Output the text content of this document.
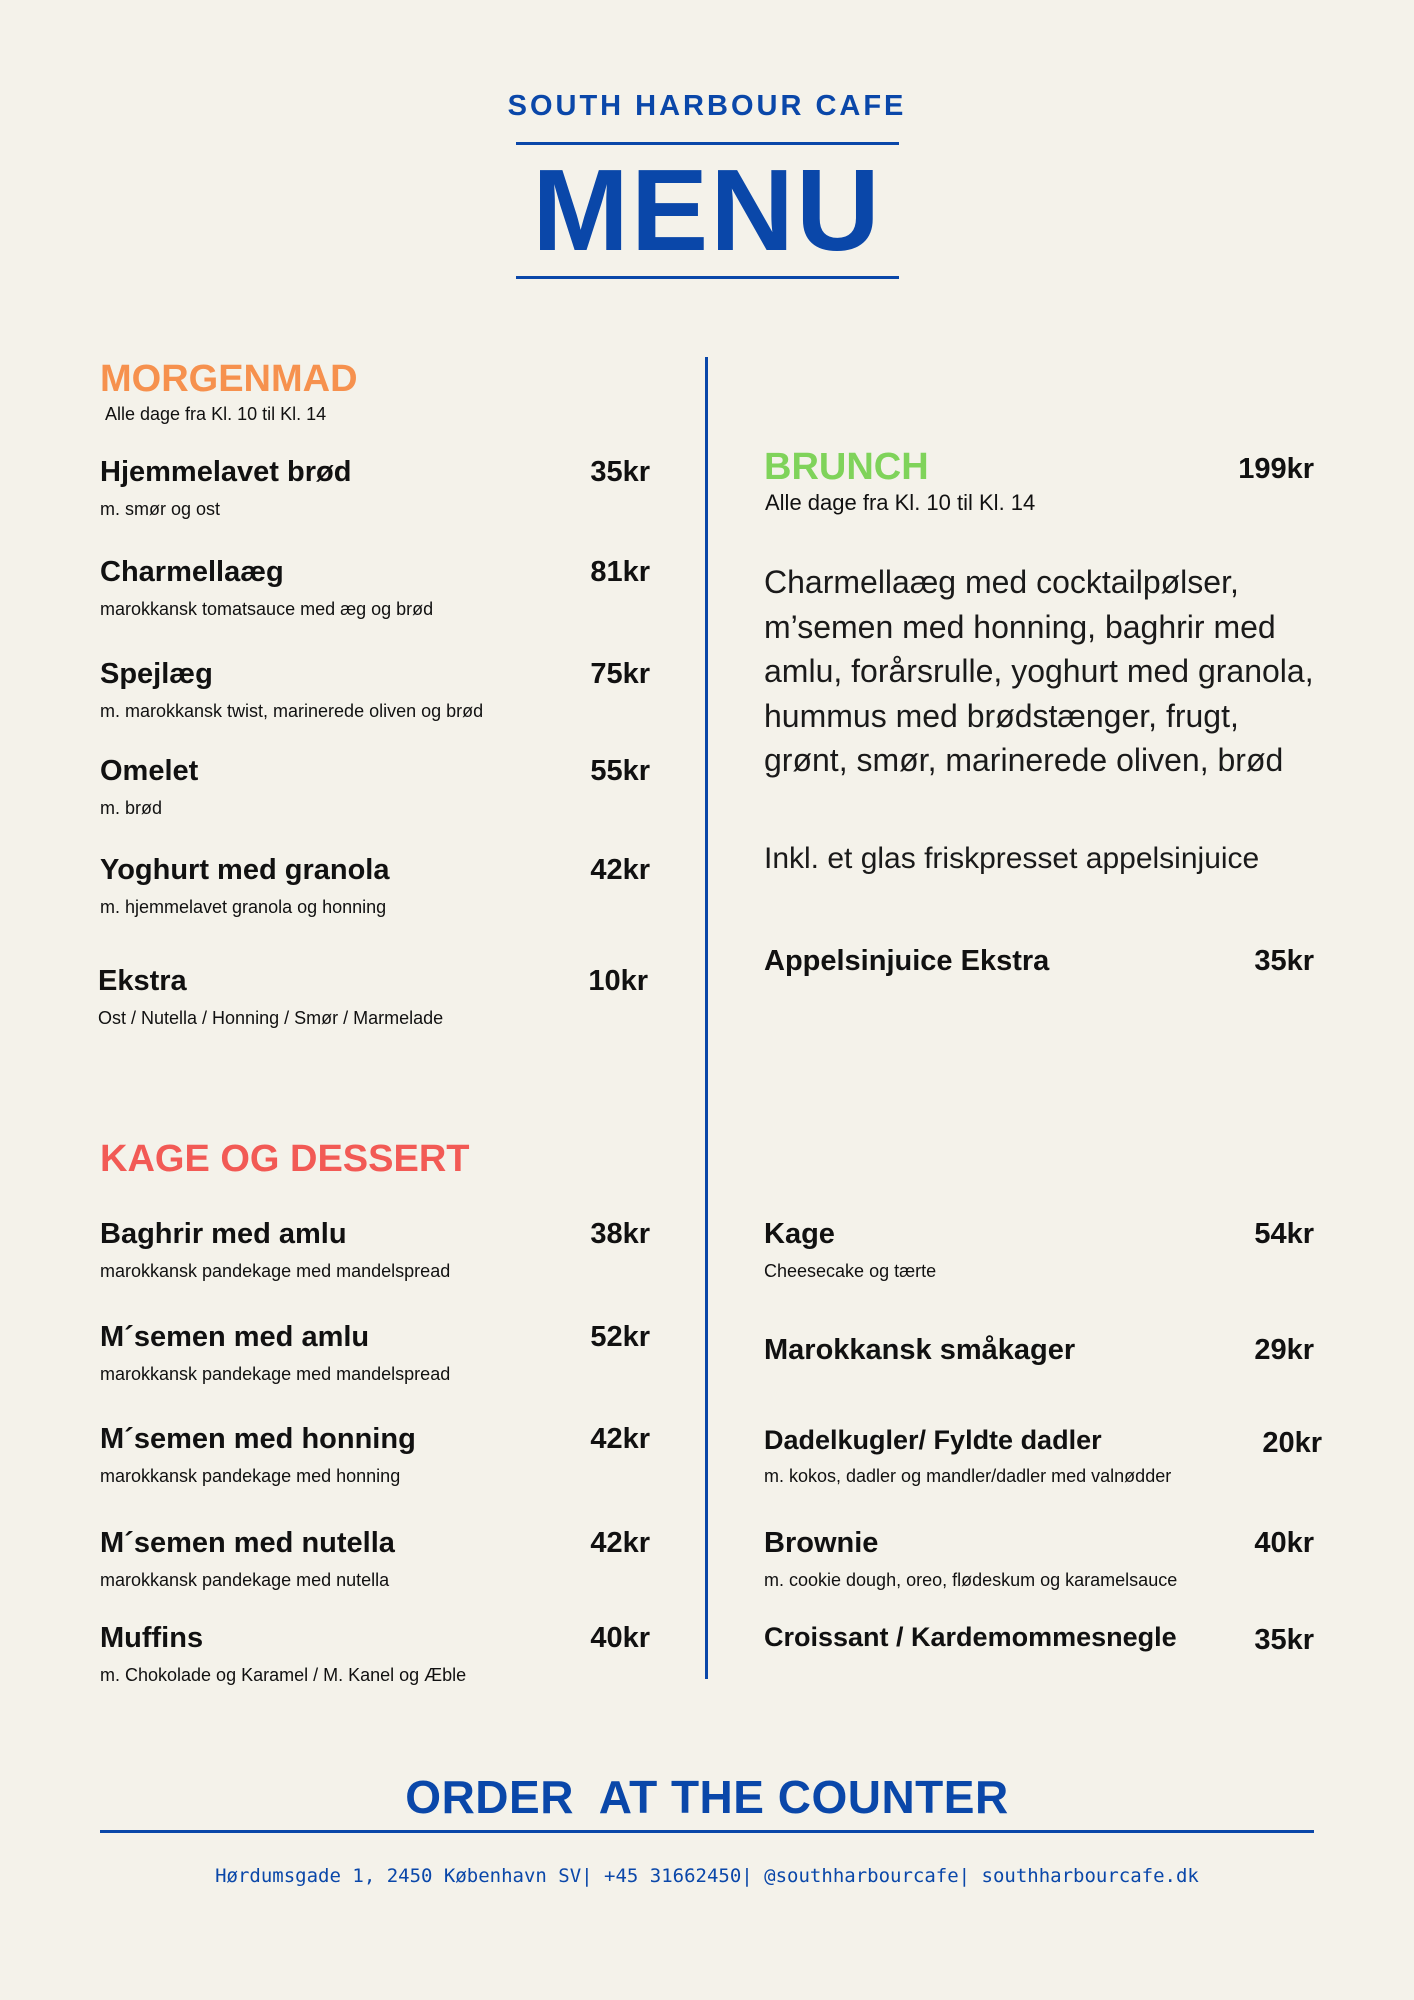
SOUTH HARBOUR CAFE
MENU
MORGENMAD
Alle dage fra Kl. 10 til Kl. 14
Hjemmelavet brød
m. smør og ost
35kr
Charmellaæg
marokkansk tomatsauce med æg og brød
81kr
Spejlæg
m. marokkansk twist, marinerede oliven og brød
75kr
Omelet
m. brød
55kr
Yoghurt med granola
m. hjemmelavet granola og honning
42kr
Ekstra
Ost / Nutella / Honning / Smør / Marmelade
10kr
BRUNCH	199kr
Alle dage fra Kl. 10 til Kl. 14
Charmellaæg med cocktailpølser, m’semen med honning, baghrir med amlu, forårsrulle, yoghurt med granola, hummus med brødstænger, frugt, grønt, smør, marinerede oliven, brød
Inkl. et glas friskpresset appelsinjuice
Appelsinjuice Ekstra	35kr
KAGE OG DESSERT
Baghrir med amlu
marokkansk pandekage med mandelspread
38kr
M´semen med amlu
marokkansk pandekage med mandelspread
52kr
M´semen med honning
marokkansk pandekage med honning
42kr
M´semen med nutella
marokkansk pandekage med nutella
42kr
Muffins
m. Chokolade og Karamel / M. Kanel og Æble
40kr
Kage
Cheesecake og tærte
54kr
Marokkansk småkager	29kr
Dadelkugler/ Fyldte dadler
m. kokos, dadler og mandler/dadler med valnødder
20kr
Brownie
m. cookie dough, oreo, flødeskum og karamelsauce
40kr
Croissant / Kardemommesnegle	35kr
ORDER  AT THE COUNTER
Hørdumsgade 1, 2450 København SV| +45 31662450| @southharbourcafe| southharbourcafe.dk
